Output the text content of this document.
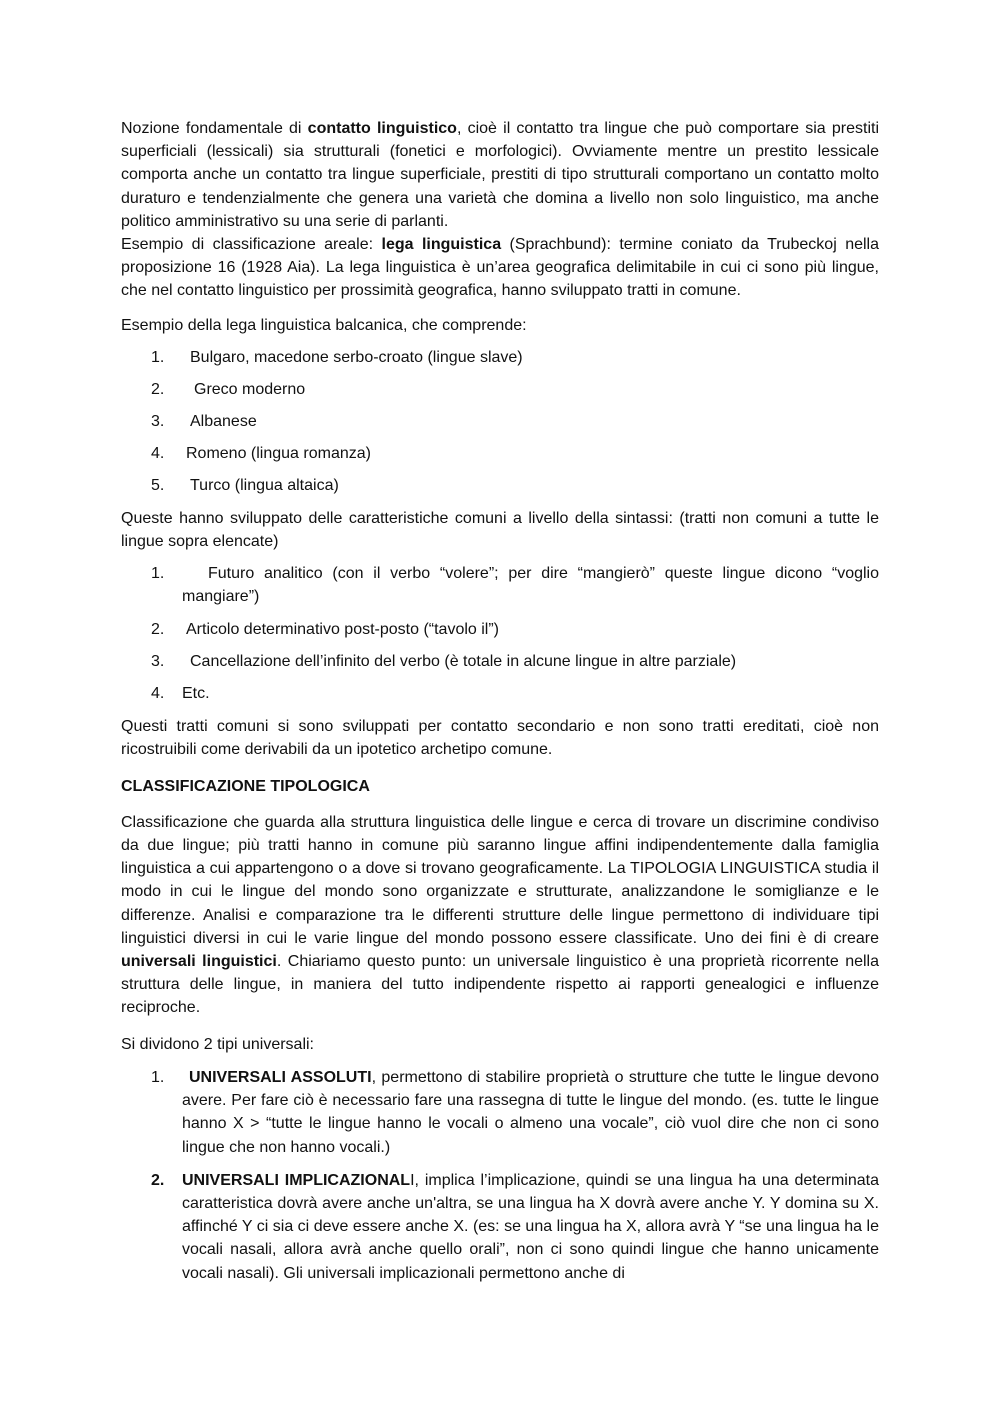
Nozione fondamentale di contatto linguistico, cioè il contatto tra lingue che può comportare sia prestiti superficiali (lessicali) sia strutturali (fonetici e morfologici). Ovviamente mentre un prestito lessicale comporta anche un contatto tra lingue superficiale, prestiti di tipo strutturali comportano un contatto molto duraturo e tendenzialmente che genera una varietà che domina a livello non solo linguistico, ma anche politico amministrativo su una serie di parlanti.

Esempio di classificazione areale: lega linguistica (Sprachbund): termine coniato da Trubeckoj nella proposizione 16 (1928 Aia). La lega linguistica è un’area geografica delimitabile in cui ci sono più lingue, che nel contatto linguistico per prossimità geografica, hanno sviluppato tratti in comune.

Esempio della lega linguistica balcanica, che comprende:

1.	Bulgaro, macedone serbo-croato (lingue slave)
2.	Greco moderno
3.	Albanese
4.	Romeno (lingua romanza)
5.	Turco (lingua altaica)

Queste hanno sviluppato delle caratteristiche comuni a livello della sintassi: (tratti non comuni a tutte le lingue sopra elencate)

1.	Futuro analitico (con il verbo “volere”; per dire “mangierò” queste lingue dicono “voglio mangiare”)

2.	Articolo determinativo post-posto (“tavolo il”)

3.	Cancellazione dell’infinito del verbo (è totale in alcune lingue in altre parziale)

4.	Etc.

Questi tratti comuni si sono sviluppati per contatto secondario e non sono tratti ereditati, cioè non ricostruibili come derivabili da un ipotetico archetipo comune.

CLASSIFICAZIONE TIPOLOGICA

Classificazione che guarda alla struttura linguistica delle lingue e cerca di trovare un discrimine condiviso da due lingue; più tratti hanno in comune più saranno lingue affini indipendentemente dalla famiglia linguistica a cui appartengono o a dove si trovano geograficamente. La TIPOLOGIA LINGUISTICA studia il modo in cui le lingue del mondo sono organizzate e strutturate, analizzandone le somiglianze e le differenze. Analisi e comparazione tra le differenti strutture delle lingue permettono di individuare tipi linguistici diversi in cui le varie lingue del mondo possono essere classificate. Uno dei fini è di creare universali linguistici. Chiariamo questo punto: un universale linguistico è una proprietà ricorrente nella struttura delle lingue, in maniera del tutto indipendente rispetto ai rapporti genealogici e influenze reciproche.

Si dividono 2 tipi universali:

1.	UNIVERSALI ASSOLUTI, permettono di stabilire proprietà o strutture che tutte le lingue devono avere. Per fare ciò è necessario fare una rassegna di tutte le lingue del mondo. (es. tutte le lingue hanno X > “tutte le lingue hanno le vocali o almeno una vocale”, ciò vuol dire che non ci sono lingue che non hanno vocali.)

2.	UNIVERSALI IMPLICAZIONALI, implica l’implicazione, quindi se una lingua ha una determinata caratteristica dovrà avere anche un'altra, se una lingua ha X dovrà avere anche Y. Y domina su X. affinché Y ci sia ci deve essere anche X. (es: se una lingua ha X, allora avrà Y “se una lingua ha le vocali nasali, allora avrà anche quello orali”, non ci sono quindi lingue che hanno unicamente vocali nasali). Gli universali implicazionali permettono anche di
